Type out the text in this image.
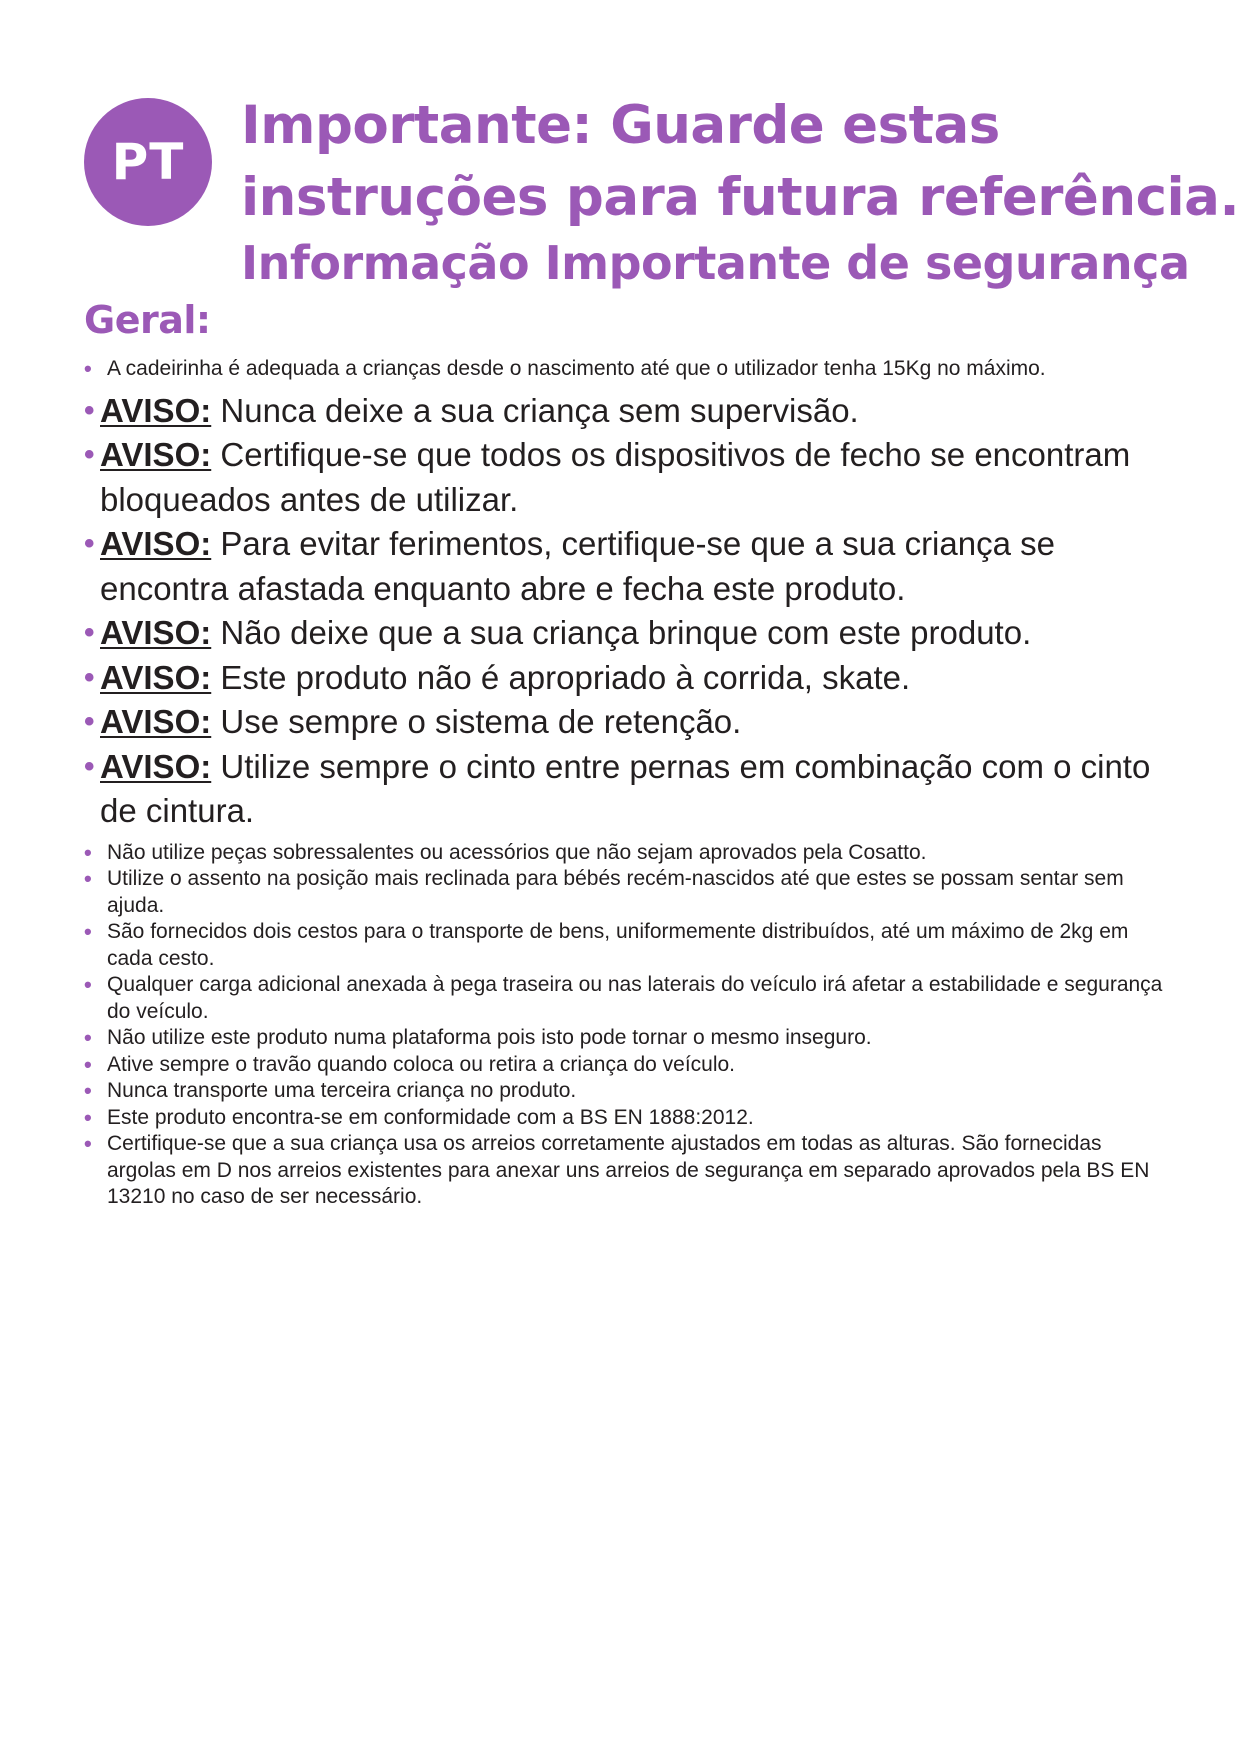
PT
Importante: Guarde estas
instruções para futura referência.
Informação Importante de segurança
Geral:
• A cadeirinha é adequada a crianças desde o nascimento até que o utilizador tenha 15Kg no máximo.
• AVISO: Nunca deixe a sua criança sem supervisão.
• AVISO: Certifique-se que todos os dispositivos de fecho se encontram bloqueados antes de utilizar.
• AVISO: Para evitar ferimentos, certifique-se que a sua criança se encontra afastada enquanto abre e fecha este produto.
• AVISO: Não deixe que a sua criança brinque com este produto.
• AVISO: Este produto não é apropriado à corrida, skate.
• AVISO: Use sempre o sistema de retenção.
• AVISO: Utilize sempre o cinto entre pernas em combinação com o cinto de cintura.
• Não utilize peças sobressalentes ou acessórios que não sejam aprovados pela Cosatto.
• Utilize o assento na posição mais reclinada para bébés recém-nascidos até que estes se possam sentar sem ajuda.
• São fornecidos dois cestos para o transporte de bens, uniformemente distribuídos, até um máximo de 2kg em cada cesto.
• Qualquer carga adicional anexada à pega traseira ou nas laterais do veículo irá afetar a estabilidade e segurança do veículo.
• Não utilize este produto numa plataforma pois isto pode tornar o mesmo inseguro.
• Ative sempre o travão quando coloca ou retira a criança do veículo.
• Nunca transporte uma terceira criança no produto.
• Este produto encontra-se em conformidade com a BS EN 1888:2012.
• Certifique-se que a sua criança usa os arreios corretamente ajustados em todas as alturas. São fornecidas argolas em D nos arreios existentes para anexar uns arreios de segurança em separado aprovados pela BS EN 13210 no caso de ser necessário.
